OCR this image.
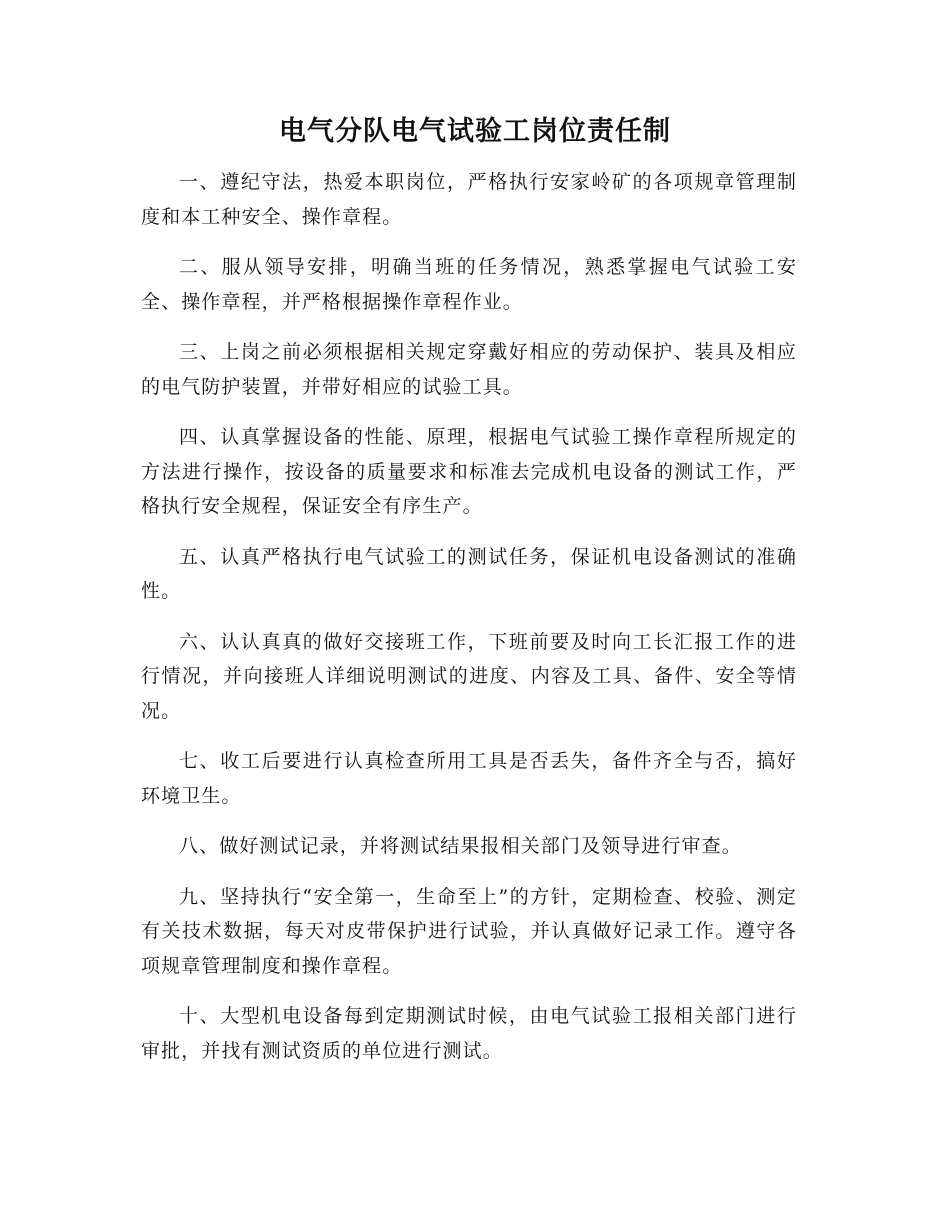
电气分队电气试验工岗位责任制

一、遵纪守法，热爱本职岗位，严格执行安家岭矿的各项规章管理制度和本工种安全、操作章程。

二、服从领导安排，明确当班的任务情况，熟悉掌握电气试验工安全、操作章程，并严格根据操作章程作业。

三、上岗之前必须根据相关规定穿戴好相应的劳动保护、装具及相应的电气防护装置，并带好相应的试验工具。

四、认真掌握设备的性能、原理，根据电气试验工操作章程所规定的方法进行操作，按设备的质量要求和标准去完成机电设备的测试工作，严格执行安全规程，保证安全有序生产。

五、认真严格执行电气试验工的测试任务，保证机电设备测试的准确性。

六、认认真真的做好交接班工作，下班前要及时向工长汇报工作的进行情况，并向接班人详细说明测试的进度、内容及工具、备件、安全等情况。

七、收工后要进行认真检查所用工具是否丢失，备件齐全与否，搞好环境卫生。

八、做好测试记录，并将测试结果报相关部门及领导进行审查。

九、坚持执行“安全第一，生命至上”的方针，定期检查、校验、测定有关技术数据，每天对皮带保护进行试验，并认真做好记录工作。遵守各项规章管理制度和操作章程。

十、大型机电设备每到定期测试时候，由电气试验工报相关部门进行审批，并找有测试资质的单位进行测试。
